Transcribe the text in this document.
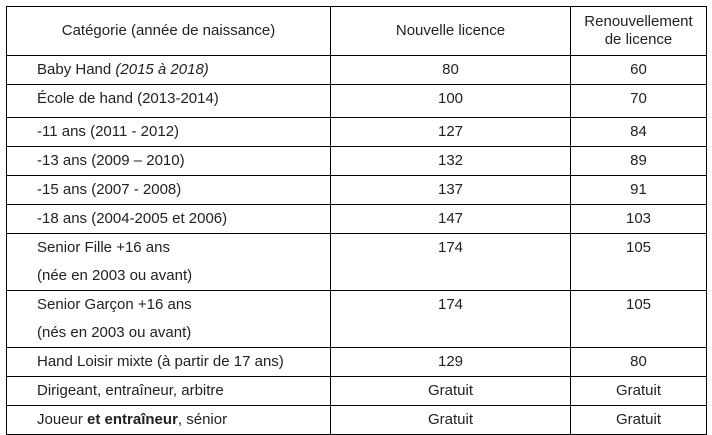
Catégorie (année de naissance)	Nouvelle licence	Renouvellement
de licence

Baby Hand (2015 à 2018)	80	60
École de hand (2013-2014)	100	70
-11 ans (2011 - 2012)	127	84
-13 ans (2009 – 2010)	132	89
-15 ans (2007 - 2008)	137	91
-18 ans (2004-2005 et 2006)	147	103

Senior Fille +16 ans
(née en 2003 ou avant)	174	105

Senior Garçon +16 ans
(nés en 2003 ou avant)	174	105
Hand Loisir mixte (à partir de 17 ans)	129	80
Dirigeant, entraîneur, arbitre	Gratuit	Gratuit
Joueur et entraîneur, sénior	Gratuit	Gratuit
